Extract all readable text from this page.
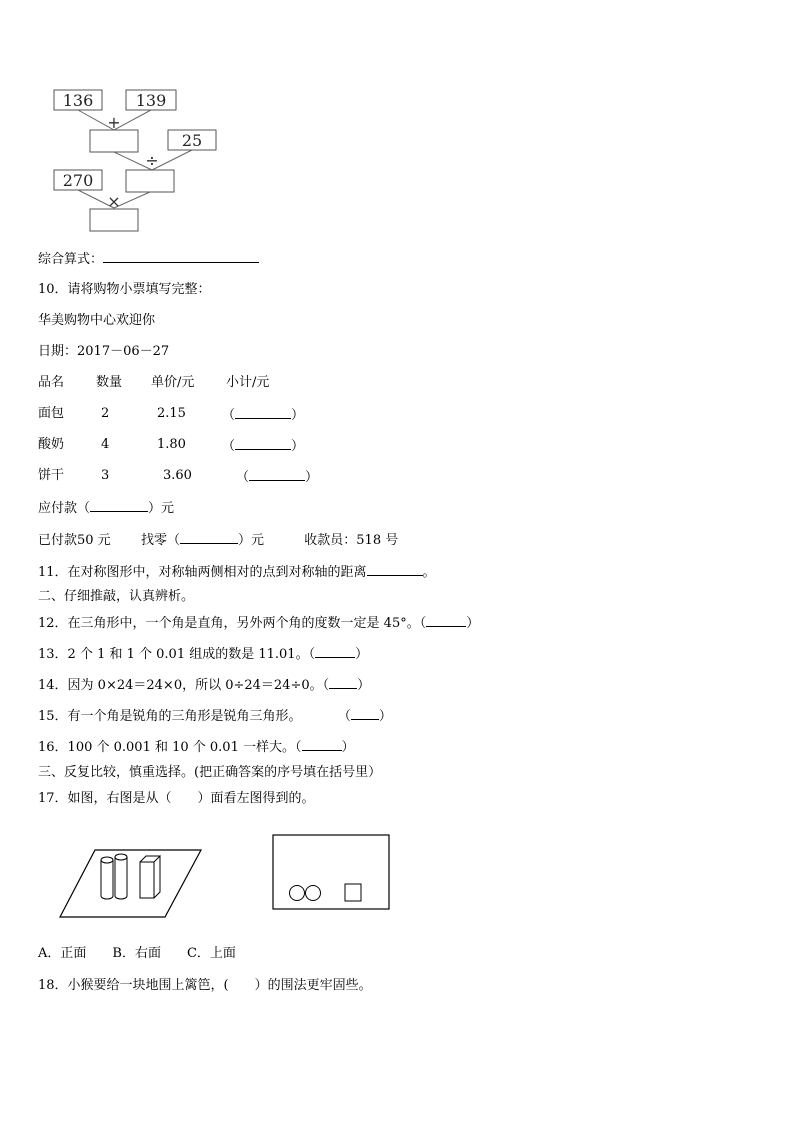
136	139
+
25
÷
270
×
综合算式：
10．请将购物小票填写完整：
华美购物中心欢迎你
日期：2017－06－27
品名 数量 单价/元 小计/元
面包	2	2.15	（	）
酸奶	4	1.80	（	）
饼干	3	3.60	（	）
应付款（	）元
已付款50 元 找零（	）元	收款员：518 号
11．在对称图形中，对称轴两侧相对的点到对称轴的距离	。
二、仔细推敲，认真辨析。
12．在三角形中，一个角是直角，另外两个角的度数一定是 45°。（	）
13．2 个 1 和 1 个 0.01 组成的数是 11.01。（	）
14．因为 0×24＝24×0，所以 0÷24＝24÷0。（ ）
15．有一个角是锐角的三角形是锐角三角形。	（ ）
16．100 个 0.001 和 10 个 0.01 一样大。（	）
三、反复比较，慎重选择。(把正确答案的序号填在括号里）
17．如图，右图是从（　　）面看左图得到的。
A．正面　　B．右面　　C．上面
18．小猴要给一块地围上篱笆，(　　）的围法更牢固些。
